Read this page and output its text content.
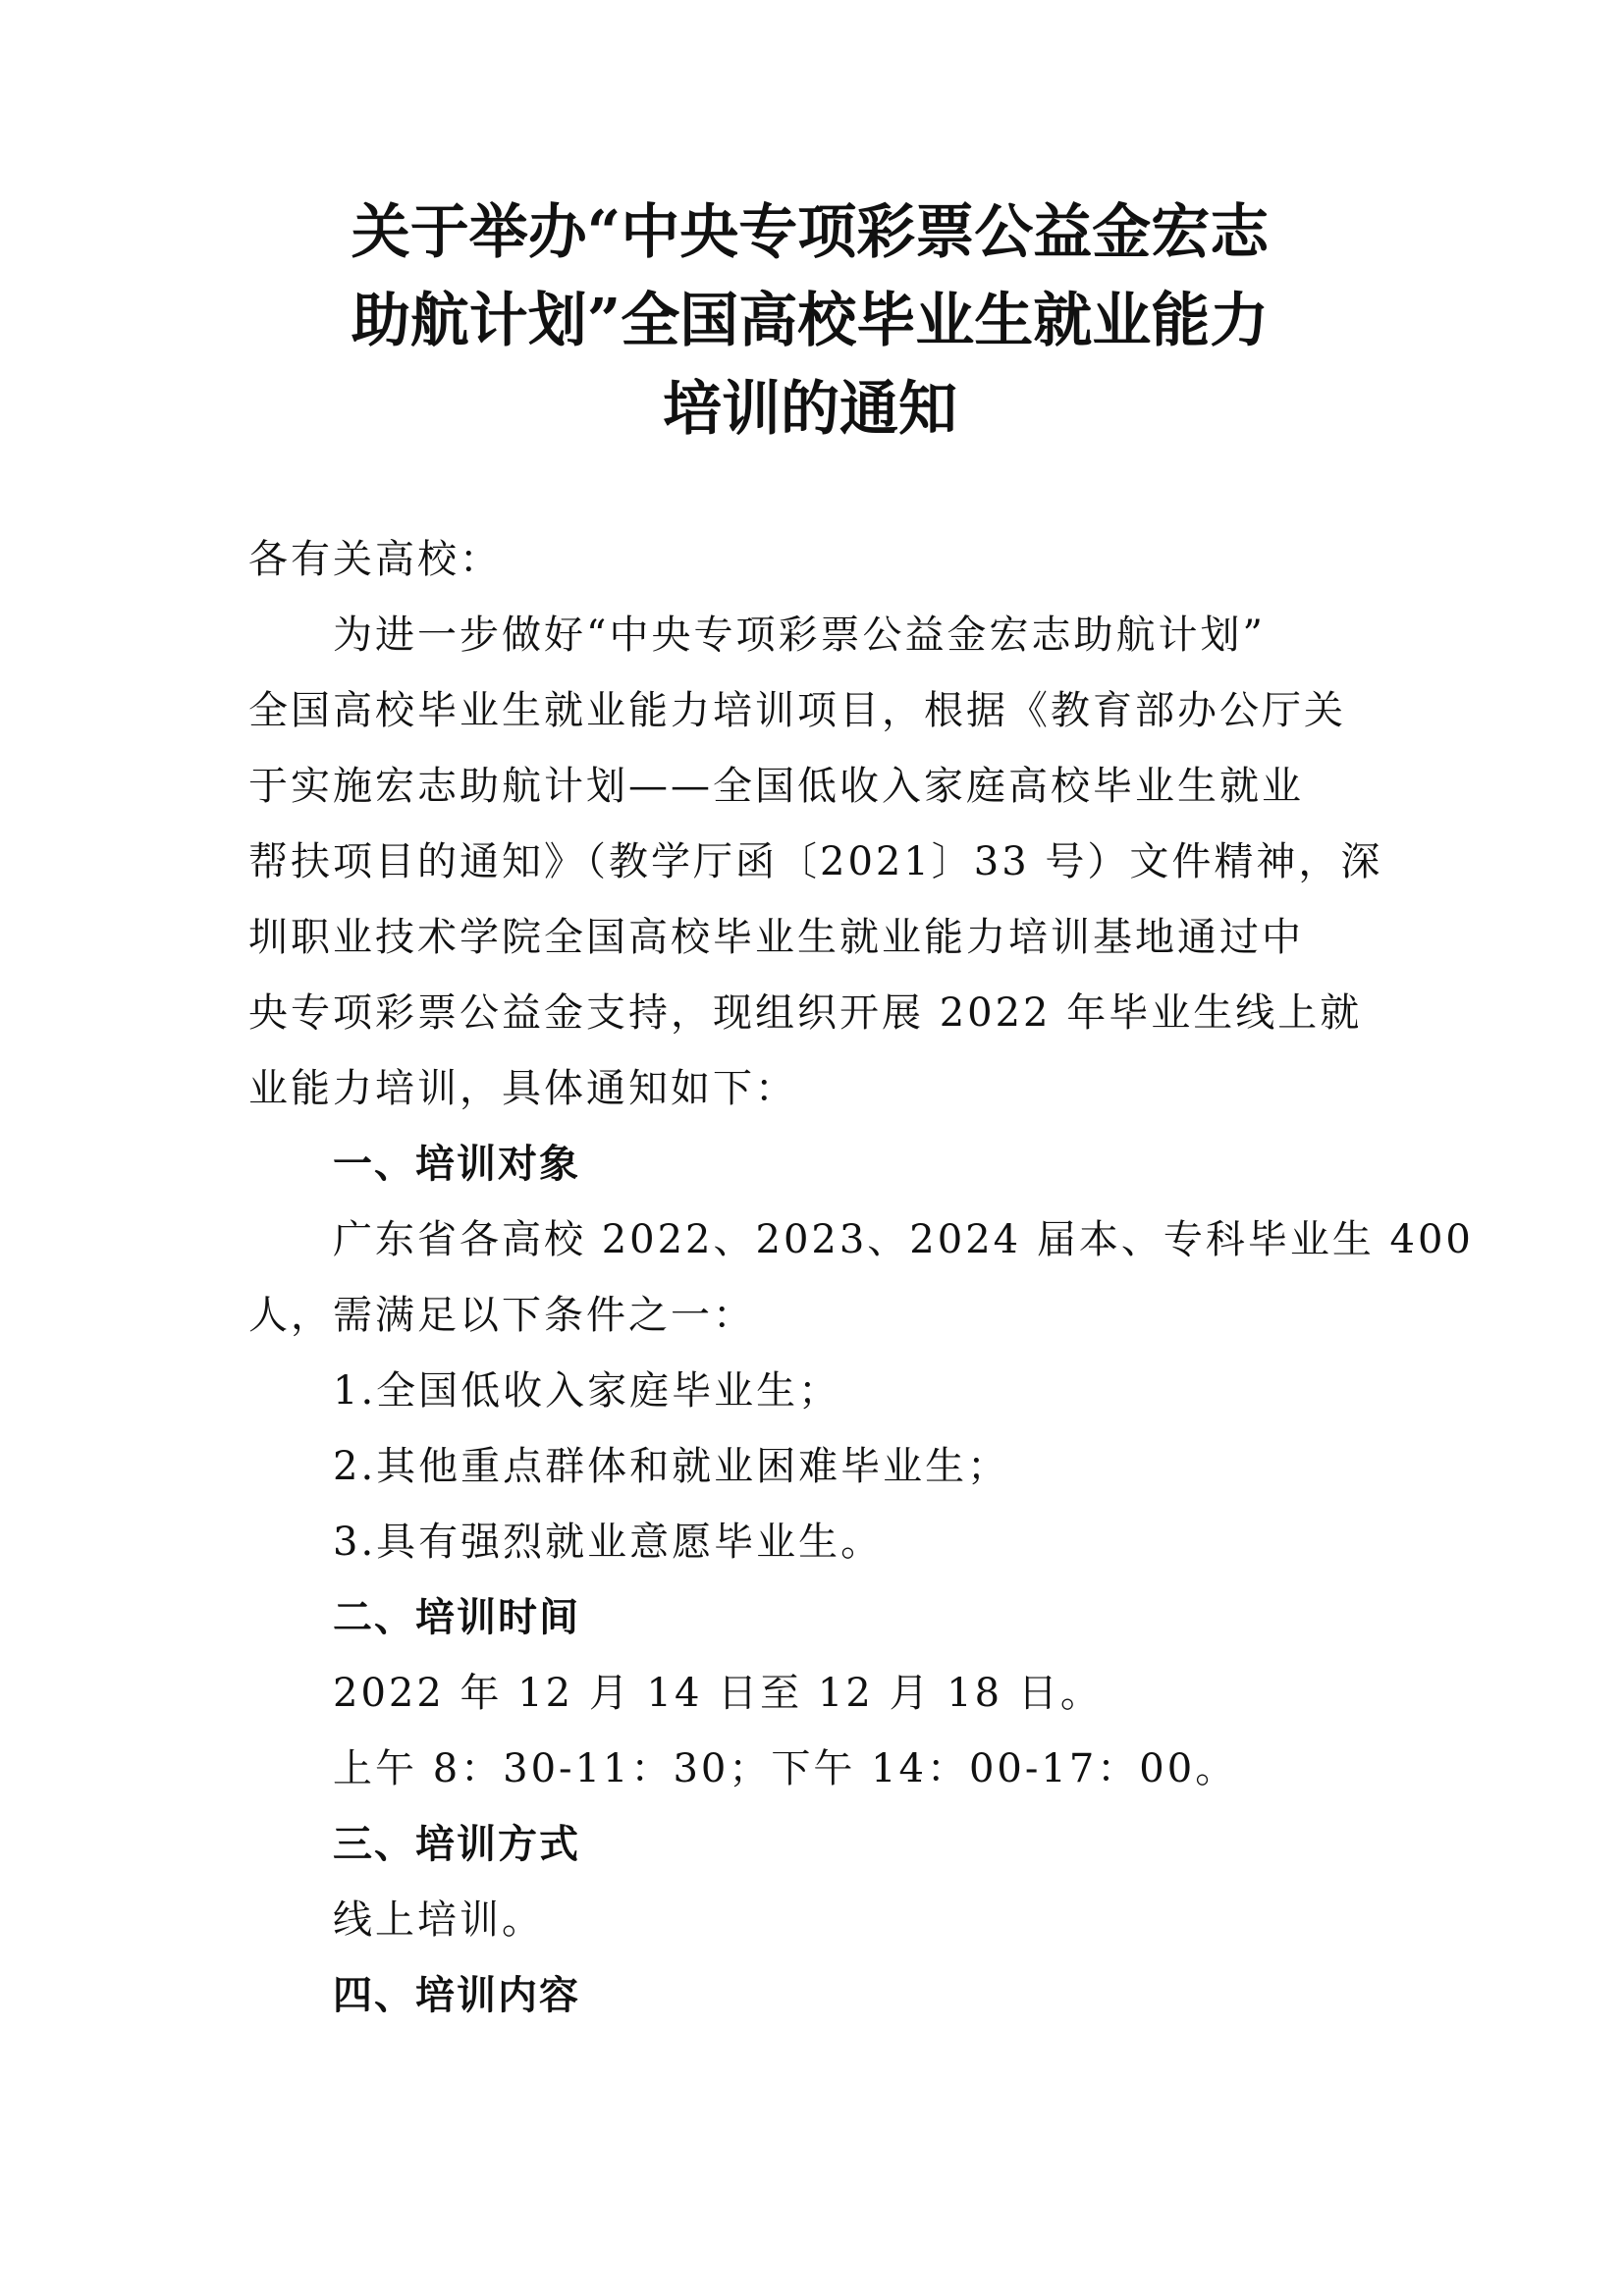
关于举办“中央专项彩票公益金宏志
助航计划”全国高校毕业生就业能力
培训的通知

各有关高校：

为进一步做好“中央专项彩票公益金宏志助航计划”

全国高校毕业生就业能力培训项目，根据《教育部办公厅关

于实施宏志助航计划——全国低收入家庭高校毕业生就业

帮扶项目的通知》（教学厅函〔2021〕33 号）文件精神，深

圳职业技术学院全国高校毕业生就业能力培训基地通过中

央专项彩票公益金支持，现组织开展 2022 年毕业生线上就

业能力培训，具体通知如下：

一、培训对象

广东省各高校 2022、2023、2024 届本、专科毕业生 400

人，需满足以下条件之一：

1.全国低收入家庭毕业生；

2.其他重点群体和就业困难毕业生；

3.具有强烈就业意愿毕业生。

二、培训时间

2022 年 12 月 14 日至 12 月 18 日。

上午 8：30-11：30；下午 14：00-17：00。

三、培训方式

线上培训。

四、培训内容
